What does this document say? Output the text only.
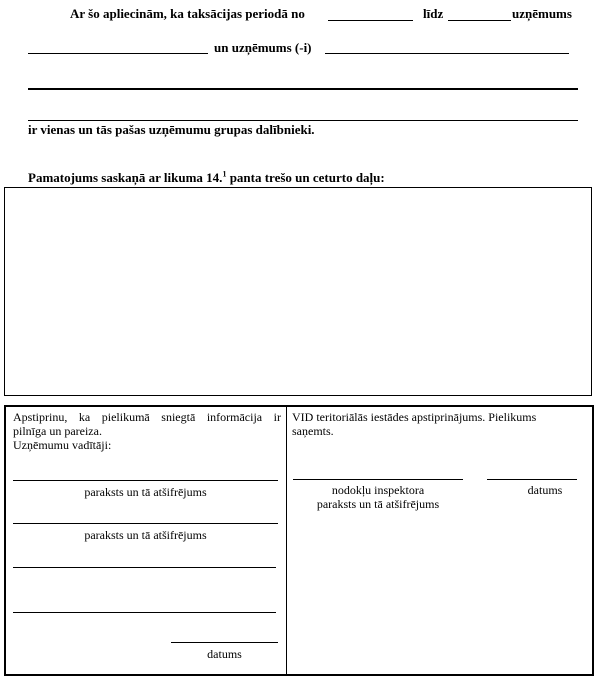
Ar šo apliecinām, ka taksācijas periodā no	līdz	uzņēmums
un uzņēmums (-i)
ir vienas un tās pašas uzņēmumu grupas dalībnieki.
Pamatojums saskaņā ar likuma 14.$^1$ panta trešo un ceturto daļu:
Apstiprinu, ka pielikumā sniegtā informācija ir
pilnīga un pareiza.
Uzņēmumu vadītāji:
paraksts un tā atšifrējums
paraksts un tā atšifrējums
datums
VID teritoriālās iestādes apstiprinājums. Pielikums
saņemts.
nodokļu inspektora
paraksts un tā atšifrējums
datums
